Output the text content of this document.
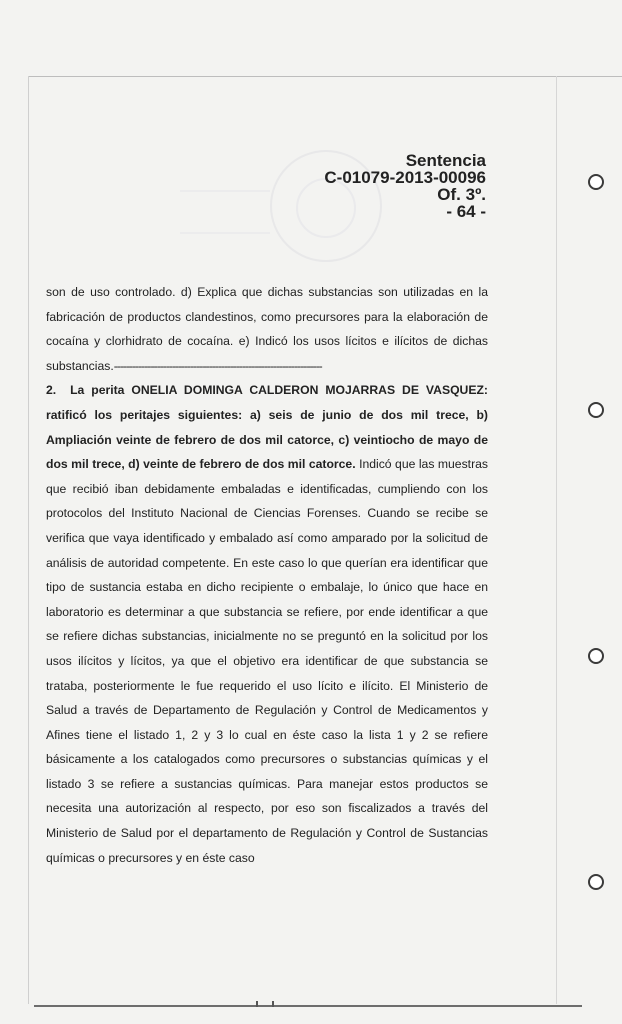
Sentencia
C-01079-2013-00096
Of. 3º.
- 64 -

son de uso controlado. d) Explica que dichas substancias son utilizadas en la fabricación de productos clandestinos, como precursores para la elaboración de cocaína y clorhidrato de cocaína. e) Indicó los usos lícitos e ilícitos de dichas substancias.--------------------------------------------------------------------

2. La perita ONELIA DOMINGA CALDERON MOJARRAS DE VASQUEZ: ratificó los peritajes siguientes: a) seis de junio de dos mil trece, b) Ampliación veinte de febrero de dos mil catorce, c) veintiocho de mayo de dos mil trece, d) veinte de febrero de dos mil catorce. Indicó que las muestras que recibió iban debidamente embaladas e identificadas, cumpliendo con los protocolos del Instituto Nacional de Ciencias Forenses. Cuando se recibe se verifica que vaya identificado y embalado así como amparado por la solicitud de análisis de autoridad competente. En este caso lo que querían era identificar que tipo de sustancia estaba en dicho recipiente o embalaje, lo único que hace en laboratorio es determinar a que substancia se refiere, por ende identificar a que se refiere dichas substancias, inicialmente no se preguntó en la solicitud por los usos ilícitos y lícitos, ya que el objetivo era identificar de que substancia se trataba, posteriormente le fue requerido el uso lícito e ilícito. El Ministerio de Salud a través de Departamento de Regulación y Control de Medicamentos y Afines tiene el listado 1, 2 y 3 lo cual en éste caso la lista 1 y 2 se refiere básicamente a los catalogados como precursores o substancias químicas y el listado 3 se refiere a sustancias químicas. Para manejar estos productos se necesita una autorización al respecto, por eso son fiscalizados a través del Ministerio de Salud por el departamento de Regulación y Control de Sustancias químicas o precursores y en éste caso
